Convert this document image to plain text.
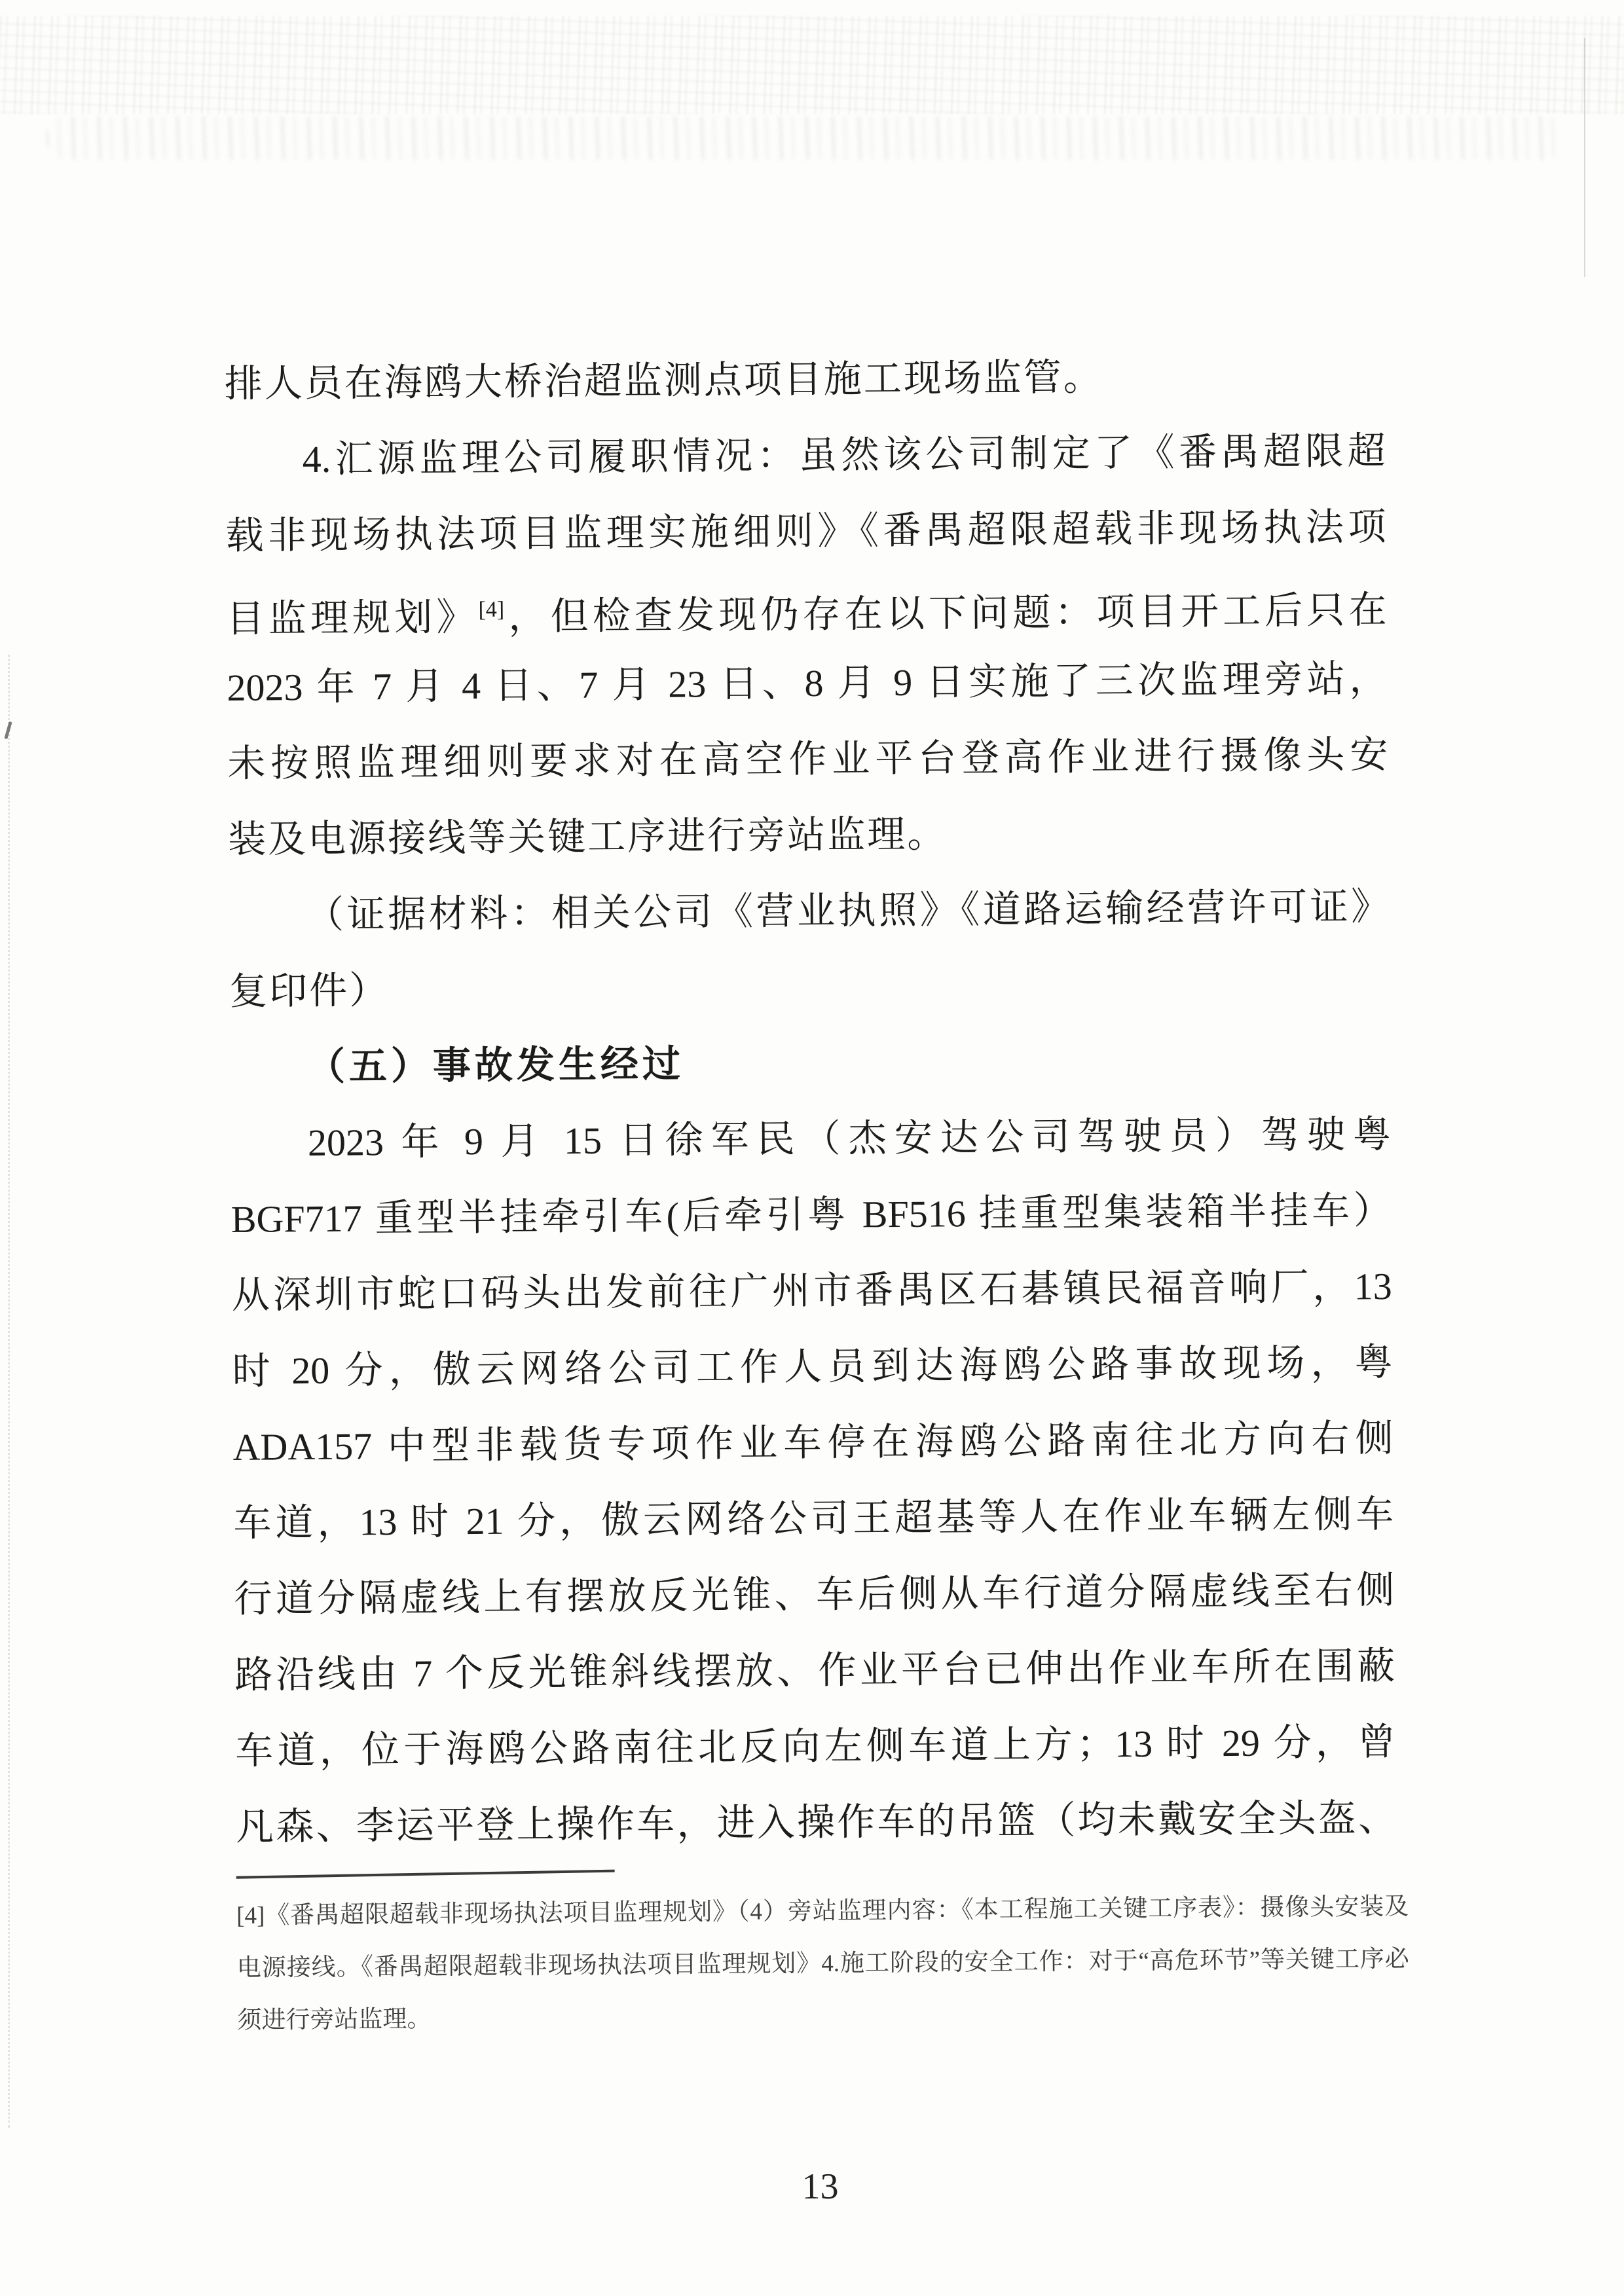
排人员在海鸥大桥治超监测点项目施工现场监管。
4.汇源监理公司履职情况：虽然该公司制定了《番禺超限超
载非现场执法项目监理实施细则》《番禺超限超载非现场执法项
目监理规划》[4]，但检查发现仍存在以下问题：项目开工后只在
2023 年 7 月 4 日、7 月 23 日、8 月 9 日实施了三次监理旁站，
未按照监理细则要求对在高空作业平台登高作业进行摄像头安
装及电源接线等关键工序进行旁站监理。
（证据材料：相关公司《营业执照》《道路运输经营许可证》
复印件）
（五）事故发生经过
2023 年 9 月 15 日徐军民（杰安达公司驾驶员）驾驶粤
BGF717 重型半挂牵引车(后牵引粤 BF516 挂重型集装箱半挂车）
从深圳市蛇口码头出发前往广州市番禺区石碁镇民福音响厂，13
时 20 分，傲云网络公司工作人员到达海鸥公路事故现场，粤
ADA157 中型非载货专项作业车停在海鸥公路南往北方向右侧
车道，13 时 21 分，傲云网络公司王超基等人在作业车辆左侧车
行道分隔虚线上有摆放反光锥、车后侧从车行道分隔虚线至右侧
路沿线由 7 个反光锥斜线摆放、作业平台已伸出作业车所在围蔽
车道，位于海鸥公路南往北反向左侧车道上方；13 时 29 分，曾
凡森、李运平登上操作车，进入操作车的吊篮（均未戴安全头盔、
[4]《番禺超限超载非现场执法项目监理规划》（4）旁站监理内容：《本工程施工关键工序表》：摄像头安装及
电源接线。《番禺超限超载非现场执法项目监理规划》4.施工阶段的安全工作：对于“高危环节”等关键工序必
须进行旁站监理。
13
